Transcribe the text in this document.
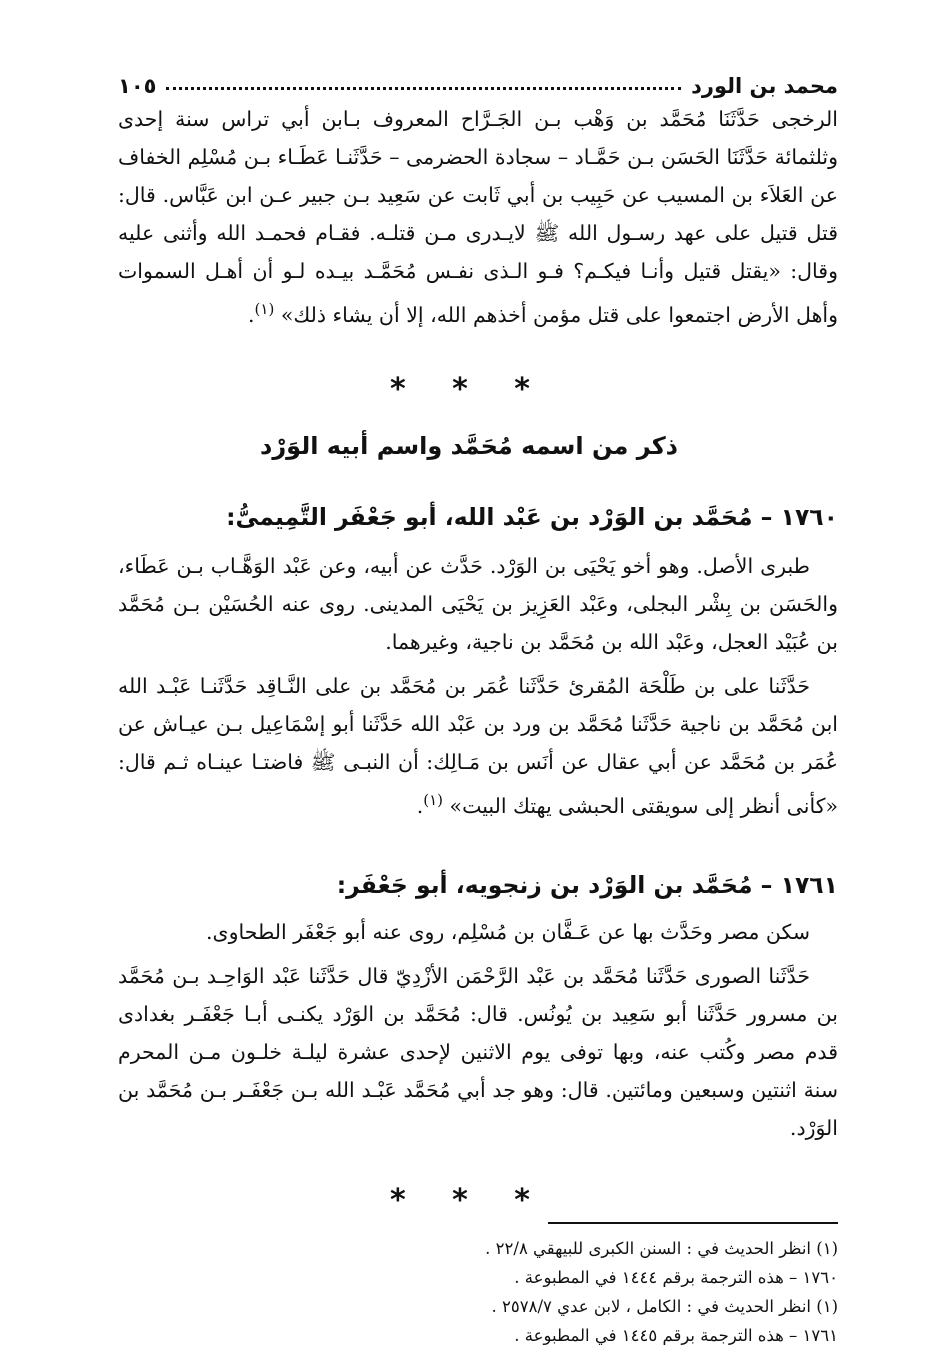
محمد بن الورد
١٠٥

الرخجى حَدَّثَنَا مُحَمَّد بن وَهْب بـن الجَـرَّاح المعروف بـابن أبي تراس سنة إحدى وثلثمائة حَدَّثَنَا الحَسَن بـن حَمَّـاد – سجادة الحضرمى – حَدَّثَنـا عَطَـاء بـن مُسْلِم الخفاف عن العَلاَء بن المسيب عن حَبِيب بن أبي ثَابت عن سَعِيد بـن جبير عـن ابن عَبَّاس. قال: قتل قتيل على عهد رسـول الله ﷺ لايـدرى مـن قتلـه. فقـام فحمـد الله وأثنى عليه وقال: «يقتل قتيل وأنـا فيكـم؟ فـو الـذى نفـس مُحَمَّـد بيـده لـو أن أهـل السموات وأهل الأرض اجتمعوا على قتل مؤمن أخذهم الله، إلا أن يشاء ذلك» $^{(١)}$.

* * *
ذكر من اسمه مُحَمَّد واسم أبيه الوَرْد
١٧٦٠ – مُحَمَّد بن الوَرْد بن عَبْد الله، أبو جَعْفَر التَّمِيمىُّ:

طبرى الأصل. وهو أخو يَحْيَى بن الوَرْد. حَدَّث عن أبيه، وعن عَبْد الوَهَّـاب بـن عَطَاء، والحَسَن بن بِشْر البجلى، وعَبْد العَزِيز بن يَحْيَى المدينى. روى عنه الحُسَيْن بـن مُحَمَّد بن عُبَيْد العجل، وعَبْد الله بن مُحَمَّد بن ناجية، وغيرهما.

حَدَّثَنا على بن طَلْحَة المُقرئ حَدَّثَنا عُمَر بن مُحَمَّد بن على النَّـاقِد حَدَّثَنـا عَبْـد الله ابن مُحَمَّد بن ناجية حَدَّثَنا مُحَمَّد بن ورد بن عَبْد الله حَدَّثَنا أبو إسْمَاعِيل بـن عيـاش عن عُمَر بن مُحَمَّد عن أبي عقال عن أنَس بن مَـالِك: أن النبـى ﷺ فاضتـا عينـاه ثـم قال: «كأنى أنظر إلى سويقتى الحبشى يهتك البيت» $^{(١)}$.

١٧٦١ – مُحَمَّد بن الوَرْد بن زنجويه، أبو جَعْفَر:

سكن مصر وحَدَّث بها عن عَـفَّان بن مُسْلِم، روى عنه أبو جَعْفَر الطحاوى.

حَدَّثَنا الصورى حَدَّثَنا مُحَمَّد بن عَبْد الرَّحْمَن الأزْدِيّ قال حَدَّثَنا عَبْد الوَاحِـد بـن مُحَمَّد بن مسرور حَدَّثَنا أبو سَعِيد بن يُونُس. قال: مُحَمَّد بن الوَرْد يكنـى أبـا جَعْفَـر بغدادى قدم مصر وكُتب عنه، وبها توفى يوم الاثنين لإحدى عشرة ليلـة خلـون مـن المحرم سنة اثنتين وسبعين ومائتين. قال: وهو جد أبي مُحَمَّد عَبْـد الله بـن جَعْفَـر بـن مُحَمَّد بن الوَرْد.

* * *
(١) انظر الحديث في : السنن الكبرى للبيهقي ٢٢/٨ .
١٧٦٠ – هذه الترجمة برقم ١٤٤٤ في المطبوعة .
(١) انظر الحديث في : الكامل ، لابن عدي ٢٥٧٨/٧ .
١٧٦١ – هذه الترجمة برقم ١٤٤٥ في المطبوعة .
